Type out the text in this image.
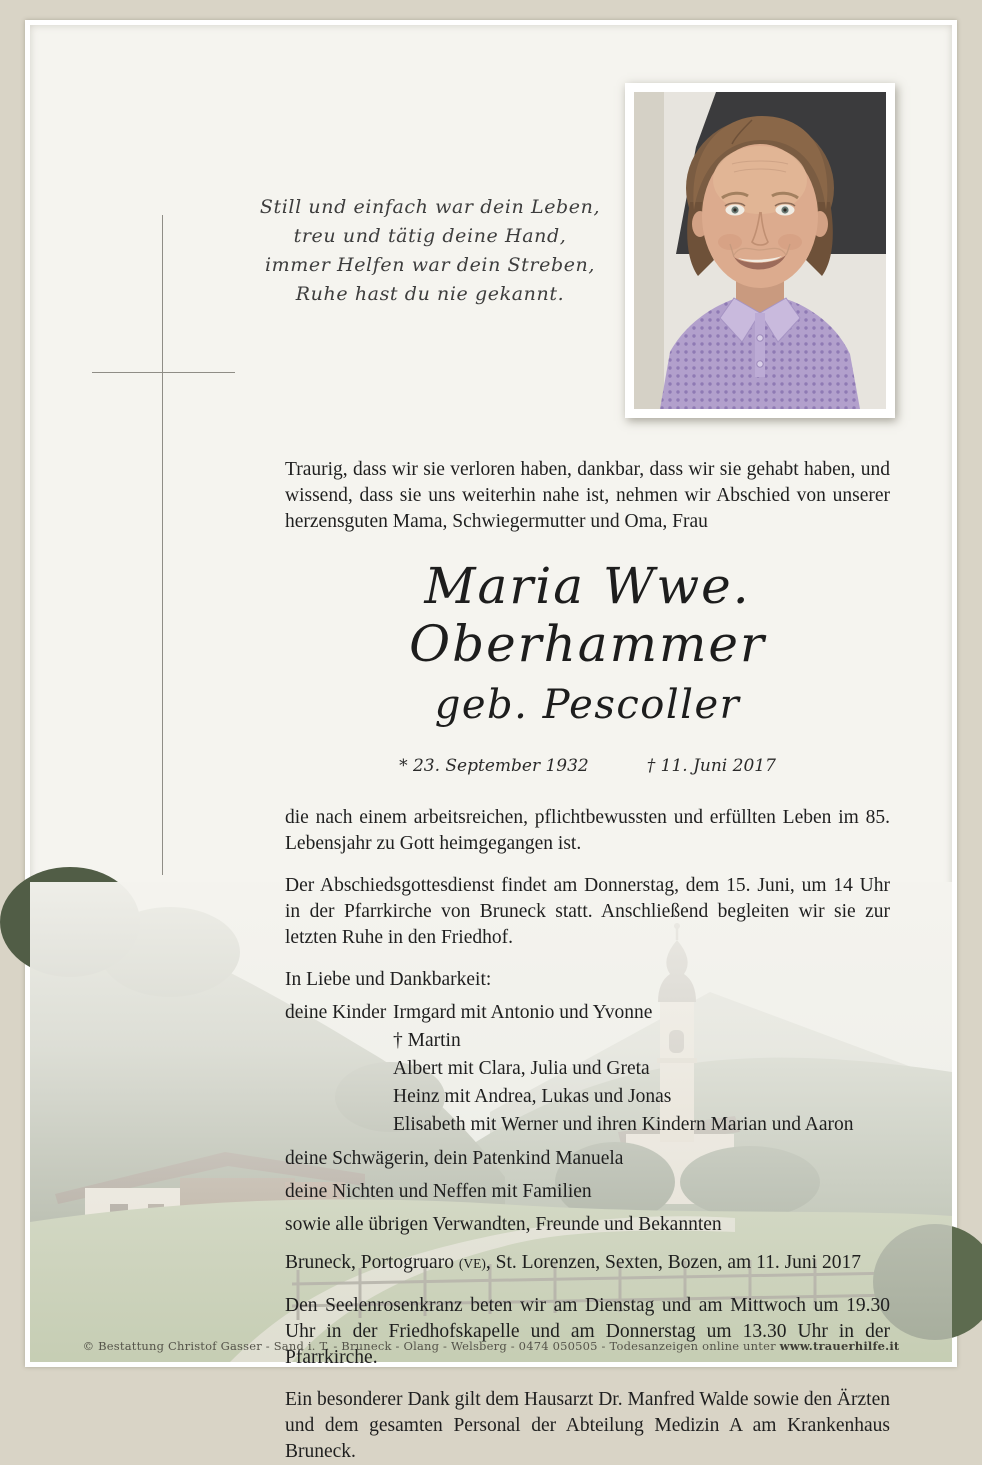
Still und einfach war dein Leben,
treu und tätig deine Hand,
immer Helfen war dein Streben,
Ruhe hast du nie gekannt.
Traurig, dass wir sie verloren haben, dankbar, dass wir sie gehabt haben, und wissend, dass sie uns weiterhin nahe ist, nehmen wir Abschied von unserer herzensguten Mama, Schwiegermutter und Oma, Frau
Maria Wwe. Oberhammer
geb. Pescoller
* 23. September 1932	† 11. Juni 2017
die nach einem arbeitsreichen, pflichtbewussten und erfüllten Leben im 85. Lebensjahr zu Gott heimgegangen ist.
Der Abschiedsgottesdienst findet am Donnerstag, dem 15. Juni, um 14 Uhr in der Pfarrkirche von Bruneck statt. Anschließend begleiten wir sie zur letzten Ruhe in den Friedhof.
In Liebe und Dankbarkeit:
deine Kinder Irmgard mit Antonio und Yvonne
† Martin
Albert mit Clara, Julia und Greta
Heinz mit Andrea, Lukas und Jonas
Elisabeth mit Werner und ihren Kindern Marian und Aaron
deine Schwägerin, dein Patenkind Manuela
deine Nichten und Neffen mit Familien
sowie alle übrigen Verwandten, Freunde und Bekannten
Bruneck, Portogruaro (VE), St. Lorenzen, Sexten, Bozen, am 11. Juni 2017
Den Seelenrosenkranz beten wir am Dienstag und am Mittwoch um 19.30 Uhr in der Friedhofskapelle und am Donnerstag um 13.30 Uhr in der Pfarrkirche.
Ein besonderer Dank gilt dem Hausarzt Dr. Manfred Walde sowie den Ärzten und dem gesamten Personal der Abteilung Medizin A am Krankenhaus Bruneck.
© Bestattung Christof Gasser - Sand i. T. - Bruneck - Olang - Welsberg - 0474 050505 - Todesanzeigen online unter www.trauerhilfe.it
